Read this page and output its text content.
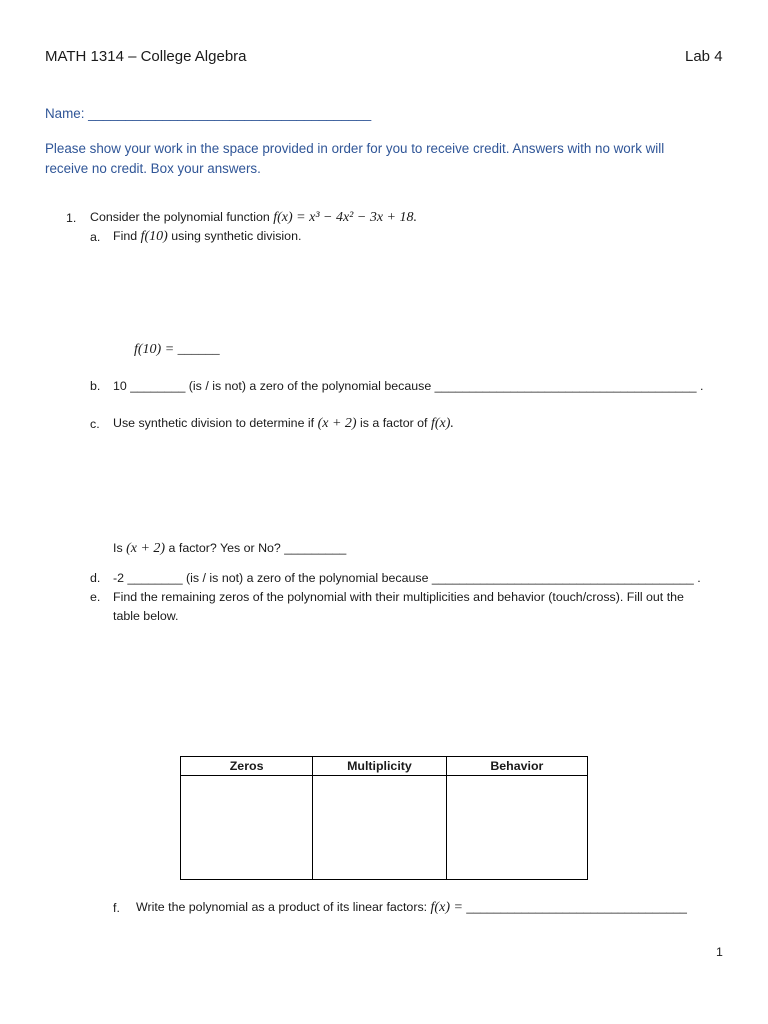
MATH 1314 – College Algebra	Lab 4
Name: ______________________________________
Please show your work in the space provided in order for you to receive credit. Answers with no work will
receive no credit. Box your answers.
1. Consider the polynomial function f(x) = x³ − 4x² − 3x + 18.
a. Find f(10) using synthetic division.
f(10) = ______
b. 10 ________ (is / is not) a zero of the polynomial because ______________________________________ .
c. Use synthetic division to determine if (x + 2) is a factor of f(x).
Is (x + 2) a factor? Yes or No? _________
d. -2 ________ (is / is not) a zero of the polynomial because ______________________________________ .
e. Find the remaining zeros of the polynomial with their multiplicities and behavior (touch/cross). Fill out the
table below.
Zeros	Multiplicity	Behavior

f. Write the polynomial as a product of its linear factors: f(x) = ________________________________
1
